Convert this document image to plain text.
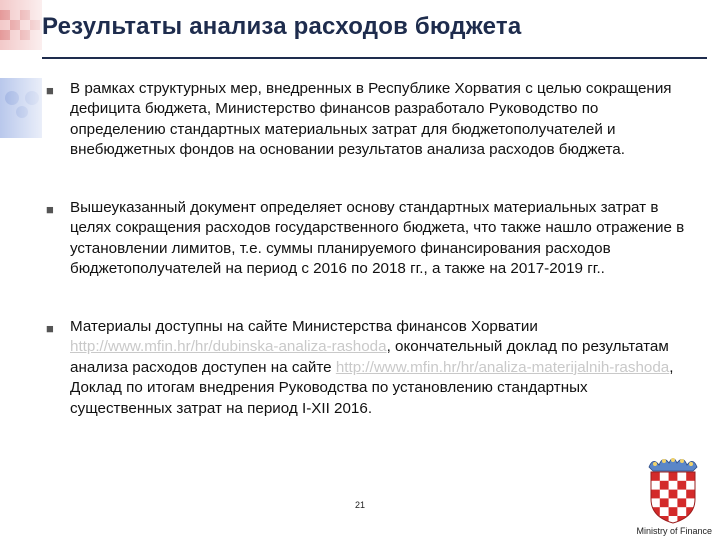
Результаты анализа расходов бюджета
■ В рамках структурных мер, внедренных в Республике Хорватия с целью сокращения дефицита бюджета, Министерство финансов разработало Руководство по определению стандартных материальных затрат для бюджетополучателей и внебюджетных фондов на основании результатов анализа расходов бюджета.
■ Вышеуказанный документ определяет основу стандартных материальных затрат в целях сокращения расходов государственного бюджета, что также нашло отражение в установлении лимитов, т.е. суммы планируемого финансирования расходов бюджетополучателей на период с 2016 по 2018 гг., а также на 2017-2019 гг..
■ Материалы доступны на сайте Министерства финансов Хорватии http://www.mfin.hr/hr/dubinska-analiza-rashoda, окончательный доклад по результатам анализа расходов доступен на сайте http://www.mfin.hr/hr/analiza-materijalnih-rashoda, Доклад по итогам внедрения Руководства по установлению стандартных существенных затрат на период I-XII 2016.
21
Ministry of Finance
